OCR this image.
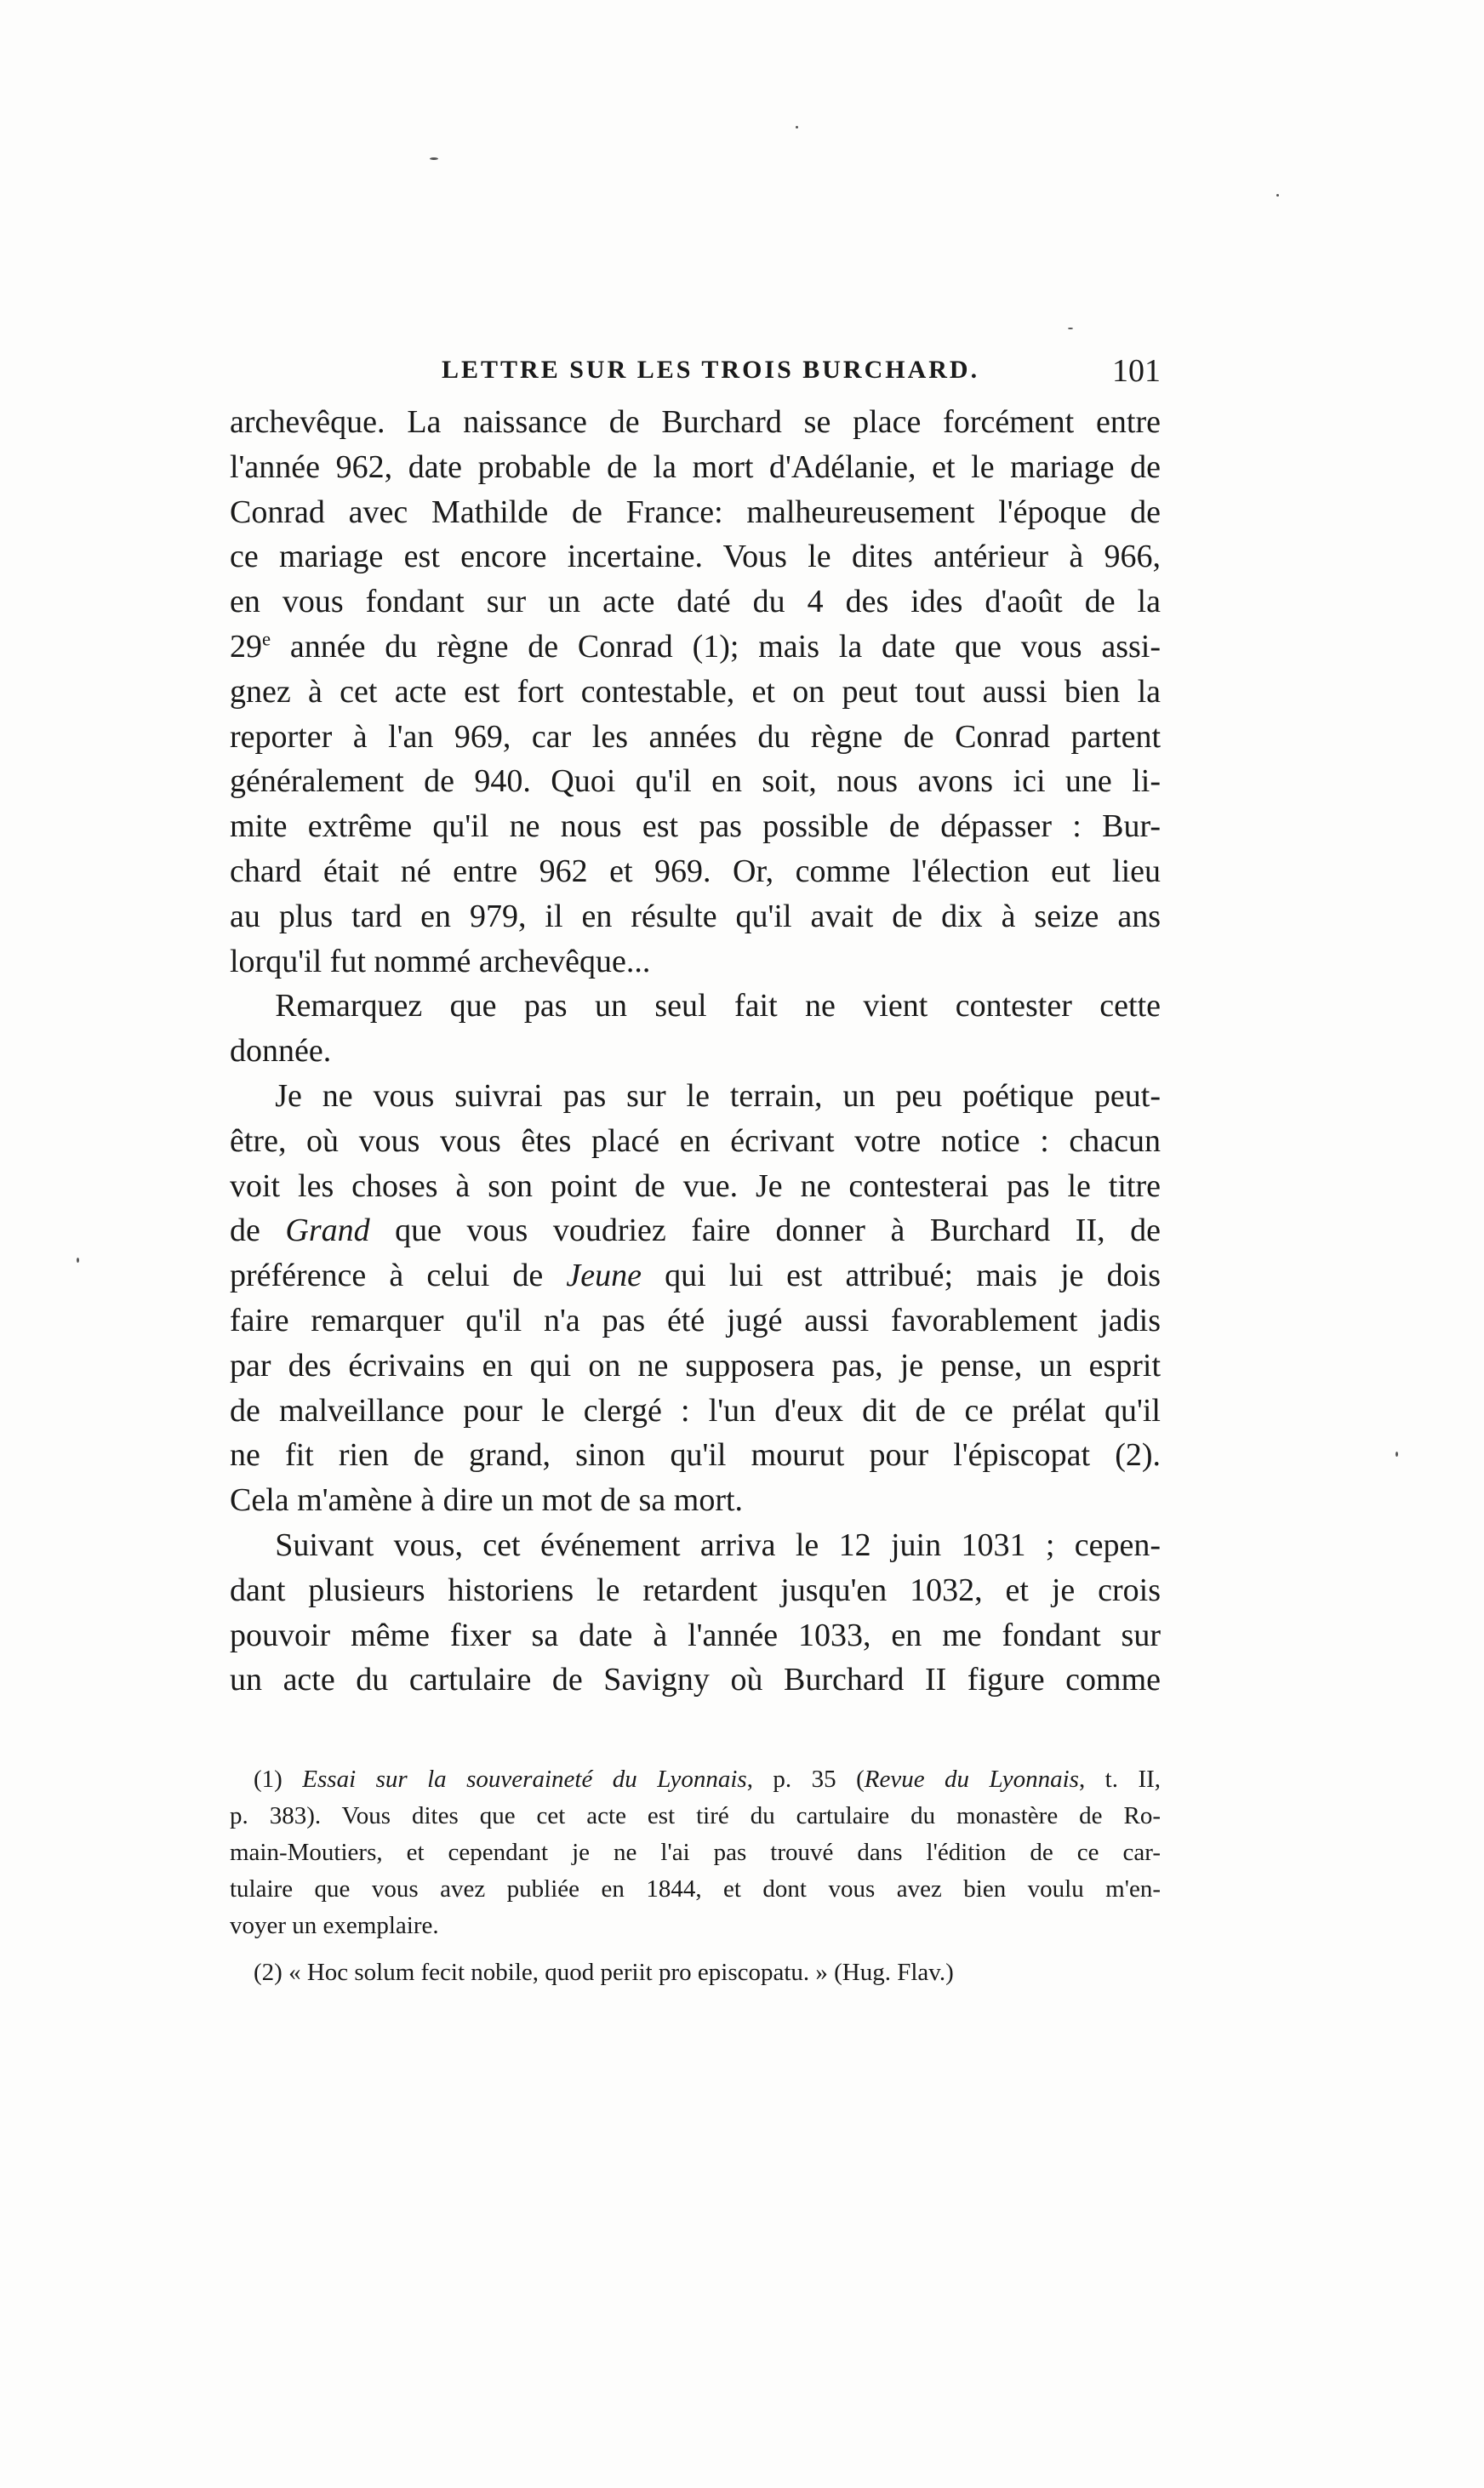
LETTRE SUR LES TROIS BURCHARD.	101

archevêque. La naissance de Burchard se place forcément entre
l'année 962, date probable de la mort d'Adélanie, et le mariage de
Conrad avec Mathilde de France: malheureusement l'époque de
ce mariage est encore incertaine. Vous le dites antérieur à 966,
en vous fondant sur un acte daté du 4 des ides d'août de la
29e année du règne de Conrad (1); mais la date que vous assi-
gnez à cet acte est fort contestable, et on peut tout aussi bien la
reporter à l'an 969, car les années du règne de Conrad partent
généralement de 940. Quoi qu'il en soit, nous avons ici une li-
mite extrême qu'il ne nous est pas possible de dépasser : Bur-
chard était né entre 962 et 969. Or, comme l'élection eut lieu
au plus tard en 979, il en résulte qu'il avait de dix à seize ans
lorqu'il fut nommé archevêque...

Remarquez que pas un seul fait ne vient contester cette
donnée.

Je ne vous suivrai pas sur le terrain, un peu poétique peut-
être, où vous vous êtes placé en écrivant votre notice : chacun
voit les choses à son point de vue. Je ne contesterai pas le titre
de Grand que vous voudriez faire donner à Burchard II, de
préférence à celui de Jeune qui lui est attribué; mais je dois
faire remarquer qu'il n'a pas été jugé aussi favorablement jadis
par des écrivains en qui on ne supposera pas, je pense, un esprit
de malveillance pour le clergé : l'un d'eux dit de ce prélat qu'il
ne fit rien de grand, sinon qu'il mourut pour l'épiscopat (2).
Cela m'amène à dire un mot de sa mort.

Suivant vous, cet événement arriva le 12 juin 1031 ; cepen-
dant plusieurs historiens le retardent jusqu'en 1032, et je crois
pouvoir même fixer sa date à l'année 1033, en me fondant sur
un acte du cartulaire de Savigny où Burchard II figure comme

(1) Essai sur la souveraineté du Lyonnais, p. 35 (Revue du Lyonnais, t. II,
p. 383). Vous dites que cet acte est tiré du cartulaire du monastère de Ro-
main-Moutiers, et cependant je ne l'ai pas trouvé dans l'édition de ce car-
tulaire que vous avez publiée en 1844, et dont vous avez bien voulu m'en-
voyer un exemplaire.
(2) « Hoc solum fecit nobile, quod periit pro episcopatu. » (Hug. Flav.)
